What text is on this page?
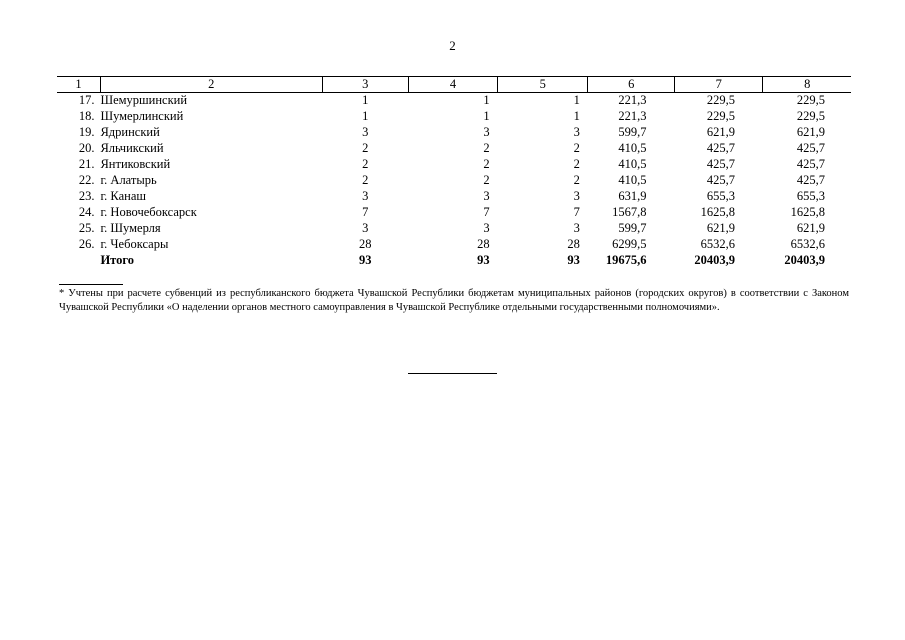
2
1	2	3	4	5	6	7	8
17.	Шемуршинский	1	1	1	221,3	229,5	229,5
18.	Шумерлинский	1	1	1	221,3	229,5	229,5
19.	Ядринский	3	3	3	599,7	621,9	621,9
20.	Яльчикский	2	2	2	410,5	425,7	425,7
21.	Янтиковский	2	2	2	410,5	425,7	425,7
22.	г. Алатырь	2	2	2	410,5	425,7	425,7
23.	г. Канаш	3	3	3	631,9	655,3	655,3
24.	г. Новочебоксарск	7	7	7	1567,8	1625,8	1625,8
25.	г. Шумерля	3	3	3	599,7	621,9	621,9
26.	г. Чебоксары	28	28	28	6299,5	6532,6	6532,6
	Итого	93	93	93	19675,6	20403,9	20403,9
* Учтены при расчете субвенций из республиканского бюджета Чувашской Республики бюджетам муниципальных районов (городских округов) в соответствии с Законом Чувашской Республики «О наделении органов местного самоуправления в Чувашской Республике отдельными государственными полномочиями».
